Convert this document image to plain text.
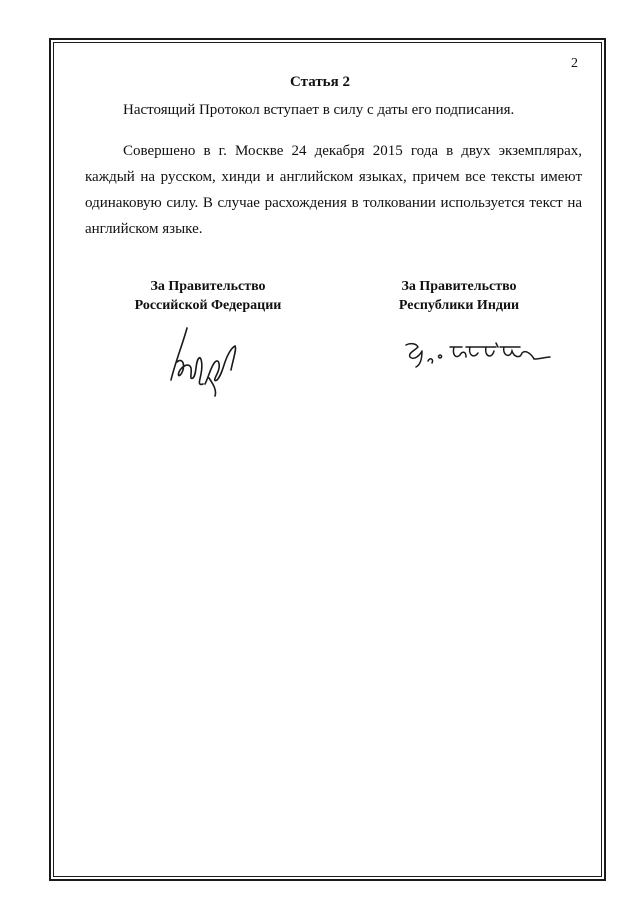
2
Статья 2

Настоящий Протокол вступает в силу с даты его подписания.

Совершено в г. Москве 24 декабря 2015 года в двух экземплярах, каждый на русском, хинди и английском языках, причем все тексты имеют одинаковую силу. В случае расхождения в толковании используется текст на английском языке.

За Правительство
Российской Федерации
За Правительство
Республики Индии
